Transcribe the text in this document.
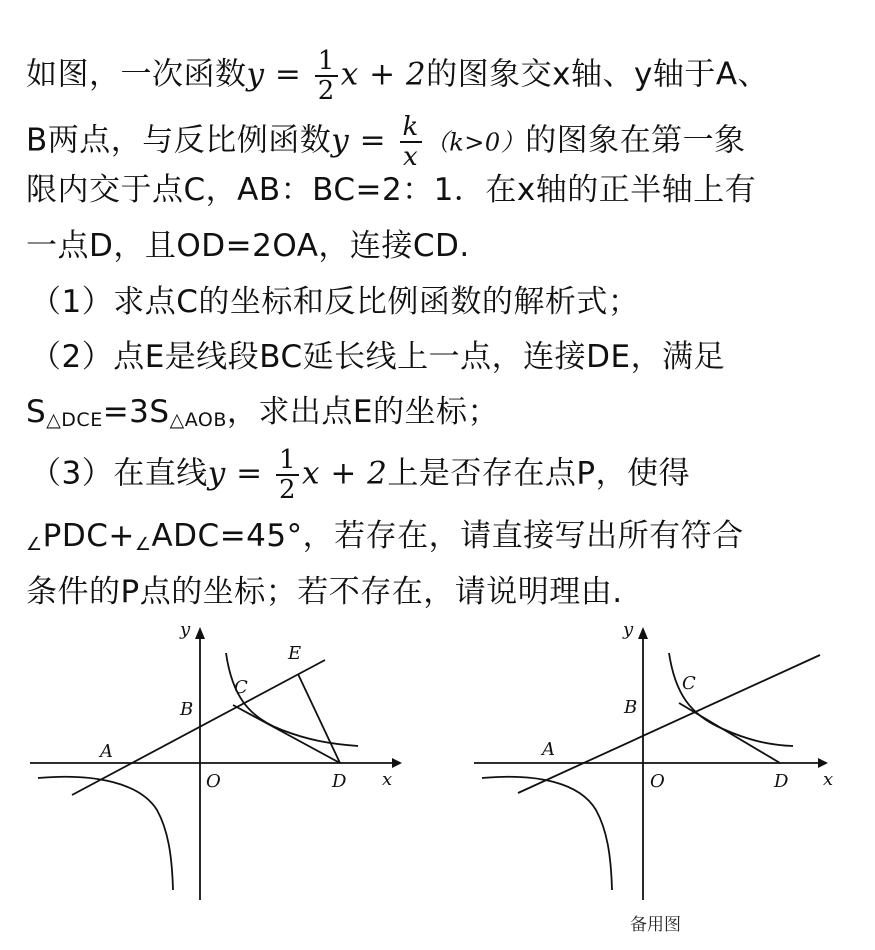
如图，一次函数$y = \frac{1}{2}$ x + 2的图象交x轴、y轴于A、
B两点，与反比例函数$y = \frac{k}{x} (k>0)$的图象在第一象
限内交于点C，AB：BC=2：1．在x轴的正半轴上有
一点D，且OD=2OA，连接CD.
（1）求点C的坐标和反比例函数的解析式；
（2）点E是线段BC延长线上一点，连接DE，满足
$S_{\triangle DCE}=3S_{\triangle AOB}$，求出点E的坐标；
（3）在直线$y = \frac{1}{2}$ x + 2上是否存在点P，使得
∠PDC+∠ADC=45°，若存在，请直接写出所有符合
条件的P点的坐标；若不存在，请说明理由.
y
x
O
A
B
C
D
E
y
x
O
A
B
C
D
备用图
